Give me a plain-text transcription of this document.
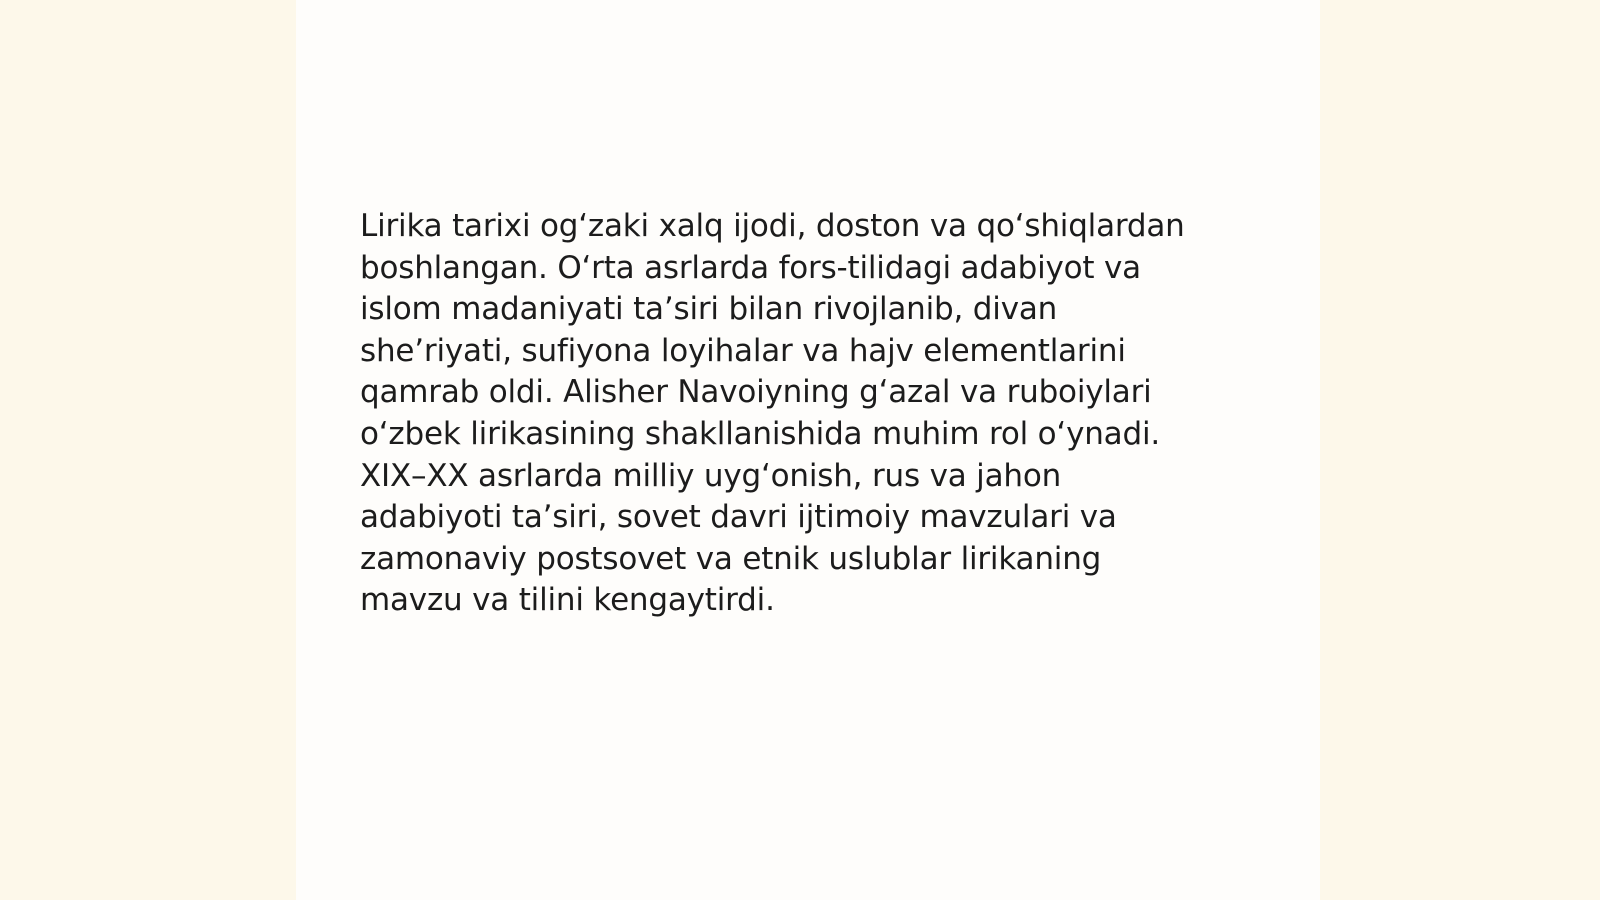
Lirika tarixi og‘zaki xalq ijodi, doston va qo‘shiqlardan
boshlangan. O‘rta asrlarda fors-tilidagi adabiyot va
islom madaniyati ta’siri bilan rivojlanib, divan
she’riyati, sufiyona loyihalar va hajv elementlarini
qamrab oldi. Alisher Navoiyning g‘azal va ruboiylari
o‘zbek lirikasining shakllanishida muhim rol o‘ynadi.
XIX–XX asrlarda milliy uyg‘onish, rus va jahon
adabiyoti ta’siri, sovet davri ijtimoiy mavzulari va
zamonaviy postsovet va etnik uslublar lirikaning
mavzu va tilini kengaytirdi.
